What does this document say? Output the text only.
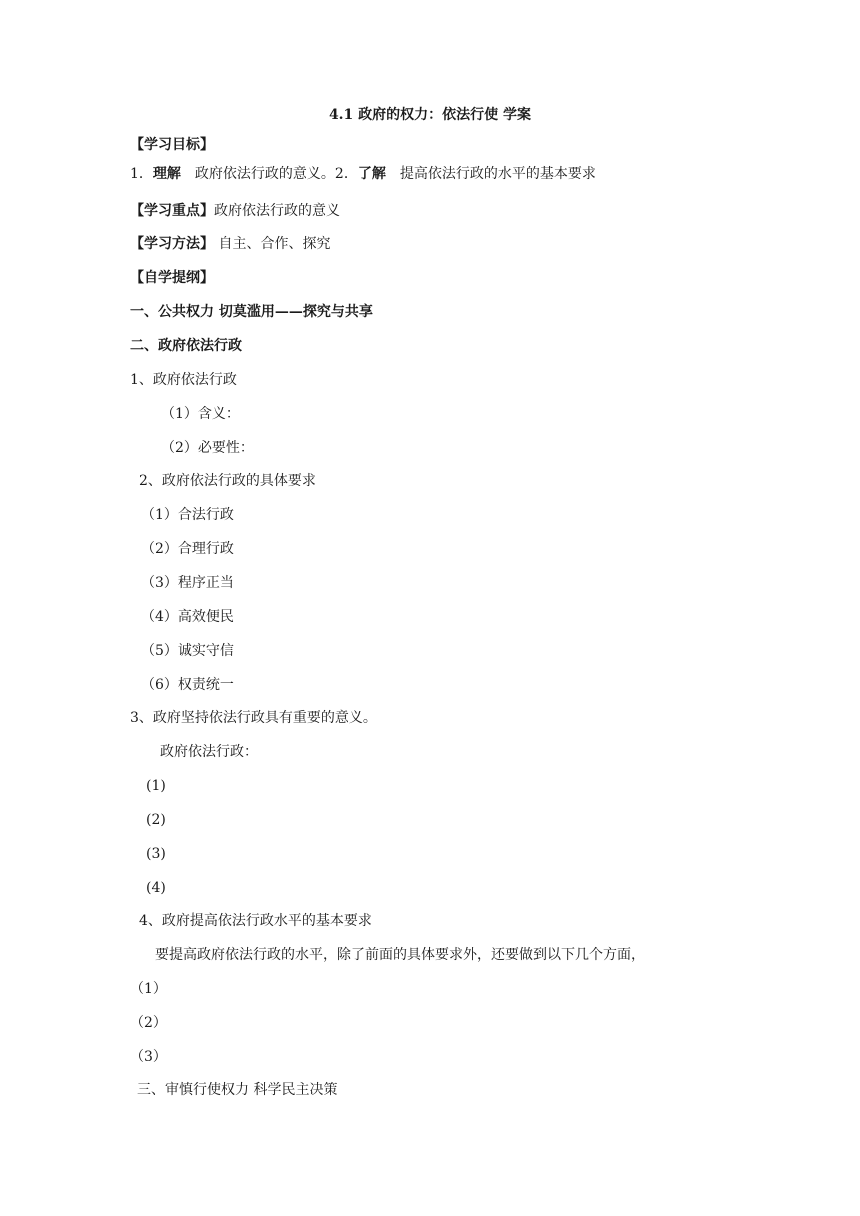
4.1 政府的权力：依法行使 学案
【学习目标】
1．理解　政府依法行政的意义。2．了解　提高依法行政的水平的基本要求
【学习重点】政府依法行政的意义
【学习方法】 自主、合作、探究
【自学提纲】
一、公共权力 切莫滥用——探究与共享
二、政府依法行政
1、政府依法行政
（1）含义：
（2）必要性：
2、政府依法行政的具体要求
（1）合法行政
（2）合理行政
（3）程序正当
（4）高效便民
（5）诚实守信
（6）权责统一
3、政府坚持依法行政具有重要的意义。
政府依法行政：
(1)
(2)
(3)
(4)
4、政府提高依法行政水平的基本要求
要提高政府依法行政的水平，除了前面的具体要求外，还要做到以下几个方面，
（1）
（2）
（3）
三、审慎行使权力 科学民主决策
